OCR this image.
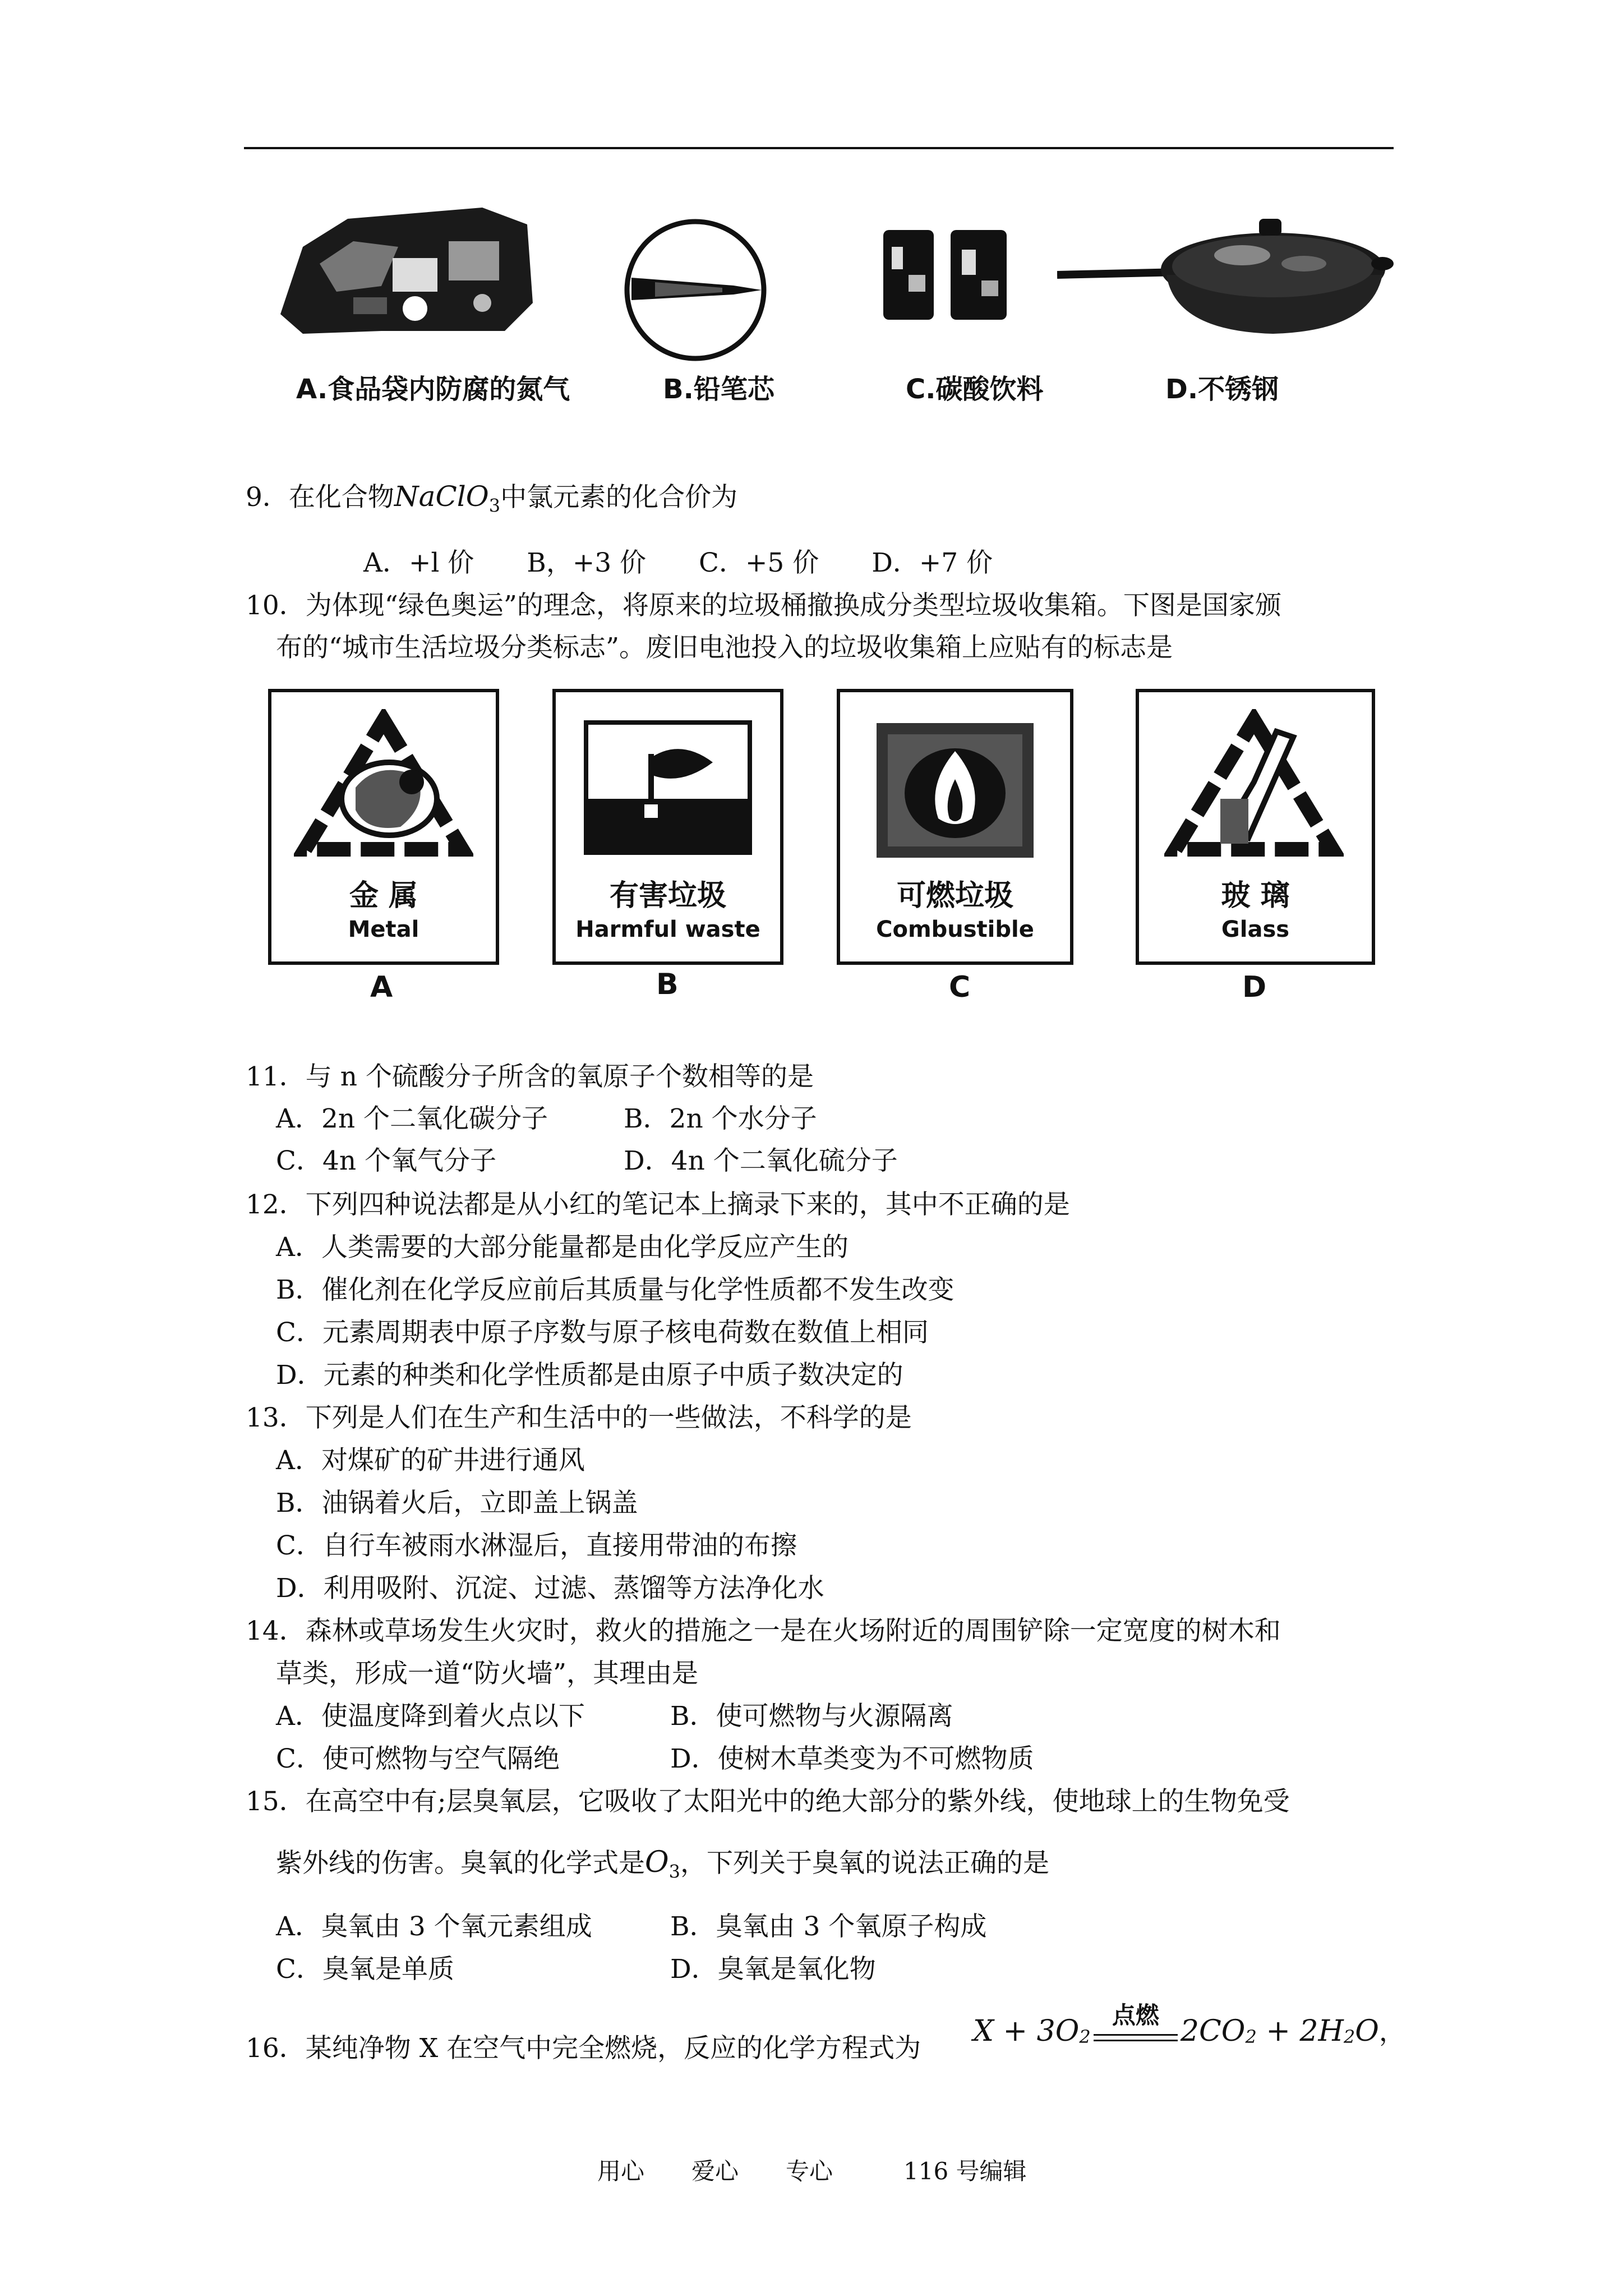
A.食品袋内防腐的氮气	B.铅笔芯	C.碳酸饮料	D.不锈钢
9．在化合物NaClO$_3$中氯元素的化合价为
A．+l 价　　B，+3 价　　C．+5 价　　D．+7 价
10．为体现“绿色奥运”的理念，将原来的垃圾桶撤换成分类型垃圾收集箱。下图是国家颁
布的“城市生活垃圾分类标志”。废旧电池投入的垃圾收集箱上应贴有的标志是
金 属
Metal
有害垃圾
Harmful waste
可燃垃圾
Combustible
玻 璃
Glass
A	B	C	D
11．与 n 个硫酸分子所含的氧原子个数相等的是
A．2n 个二氧化碳分子	B．2n 个水分子
C．4n 个氧气分子	D．4n 个二氧化硫分子
12．下列四种说法都是从小红的笔记本上摘录下来的，其中不正确的是
A．人类需要的大部分能量都是由化学反应产生的
B．催化剂在化学反应前后其质量与化学性质都不发生改变
C．元素周期表中原子序数与原子核电荷数在数值上相同
D．元素的种类和化学性质都是由原子中质子数决定的
13．下列是人们在生产和生活中的一些做法，不科学的是
A．对煤矿的矿井进行通风
B．油锅着火后，立即盖上锅盖
C．自行车被雨水淋湿后，直接用带油的布擦
D．利用吸附、沉淀、过滤、蒸馏等方法净化水
14．森林或草场发生火灾时，救火的措施之一是在火场附近的周围铲除一定宽度的树木和
草类，形成一道“防火墙”，其理由是
A．使温度降到着火点以下	B．使可燃物与火源隔离
C．使可燃物与空气隔绝	D．使树木草类变为不可燃物质
15．在高空中有;层臭氧层，它吸收了太阳光中的绝大部分的紫外线，使地球上的生物免受
紫外线的伤害。臭氧的化学式是$O_3$，下列关于臭氧的说法正确的是
A．臭氧由 3 个氧元素组成	B．臭氧由 3 个氧原子构成
C．臭氧是单质	D．臭氧是氧化物
16．某纯净物 X 在空气中完全燃烧，反应的化学方程式为
$X + 3O_2$
点燃 $2CO_2 + 2H_2O$，
用心　　爱心　　专心　　　116 号编辑
